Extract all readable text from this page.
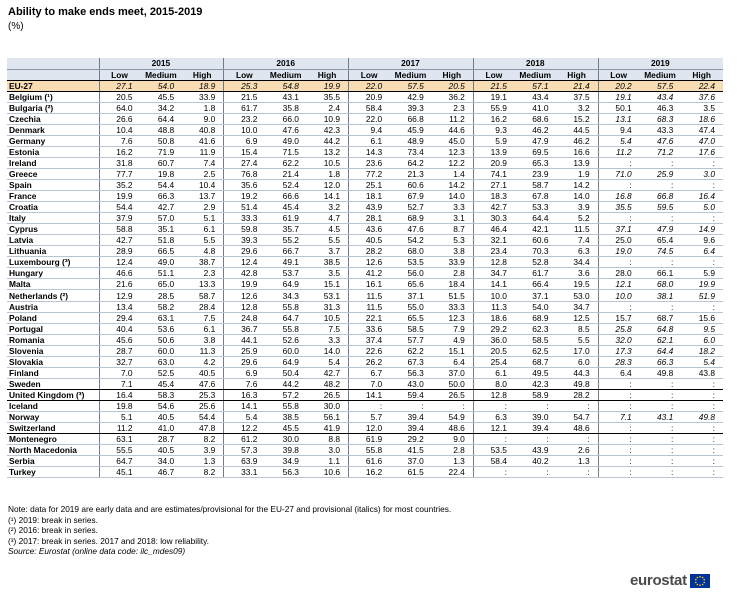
Ability to make ends meet, 2015-2019
(%)
	2015			2016			2017			2018			2019		
	Low	Medium	High	Low	Medium	High	Low	Medium	High	Low	Medium	High	Low	Medium	High
EU-27	27.1	54.0	18.9	25.3	54.8	19.9	22.0	57.5	20.5	21.5	57.1	21.4	20.2	57.5	22.4
Belgium (¹)	20.5	45.5	33.9	21.5	43.1	35.5	20.9	42.9	36.2	19.1	43.4	37.5	19.1	43.4	37.6
Bulgaria (²)	64.0	34.2	1.8	61.7	35.8	2.4	58.4	39.3	2.3	55.9	41.0	3.2	50.1	46.3	3.5
Czechia	26.6	64.4	9.0	23.2	66.0	10.9	22.0	66.8	11.2	16.2	68.6	15.2	13.1	68.3	18.6
Denmark	10.4	48.8	40.8	10.0	47.6	42.3	9.4	45.9	44.6	9.3	46.2	44.5	9.4	43.3	47.4
Germany	7.6	50.8	41.6	6.9	49.0	44.2	6.1	48.9	45.0	5.9	47.9	46.2	5.4	47.6	47.0
Estonia	16.2	71.9	11.9	15.4	71.5	13.2	14.3	73.4	12.3	13.9	69.5	16.6	11.2	71.2	17.6
Ireland	31.8	60.7	7.4	27.4	62.2	10.5	23.6	64.2	12.2	20.9	65.3	13.9	:	:	:
Greece	77.7	19.8	2.5	76.8	21.4	1.8	77.2	21.3	1.4	74.1	23.9	1.9	71.0	25.9	3.0
Spain	35.2	54.4	10.4	35.6	52.4	12.0	25.1	60.6	14.2	27.1	58.7	14.2	:	:	:
France	19.9	66.3	13.7	19.2	66.6	14.1	18.1	67.9	14.0	18.3	67.8	14.0	16.8	66.8	16.4
Croatia	54.4	42.7	2.9	51.4	45.4	3.2	43.9	52.7	3.3	42.7	53.3	3.9	35.5	59.5	5.0
Italy	37.9	57.0	5.1	33.3	61.9	4.7	28.1	68.9	3.1	30.3	64.4	5.2	:	:	:
Cyprus	58.8	35.1	6.1	59.8	35.7	4.5	43.6	47.6	8.7	46.4	42.1	11.5	37.1	47.9	14.9
Latvia	42.7	51.8	5.5	39.3	55.2	5.5	40.5	54.2	5.3	32.1	60.6	7.4	25.0	65.4	9.6
Lithuania	28.9	66.5	4.8	29.6	66.7	3.7	28.2	68.0	3.8	23.4	70.3	6.3	19.0	74.5	6.4
Luxembourg (³)	12.4	49.0	38.7	12.4	49.1	38.5	12.6	53.5	33.9	12.8	52.8	34.4	:	:	:
Hungary	46.6	51.1	2.3	42.8	53.7	3.5	41.2	56.0	2.8	34.7	61.7	3.6	28.0	66.1	5.9
Malta	21.6	65.0	13.3	19.9	64.9	15.1	16.1	65.6	18.4	14.1	66.4	19.5	12.1	68.0	19.9
Netherlands (²)	12.9	28.5	58.7	12.6	34.3	53.1	11.5	37.1	51.5	10.0	37.1	53.0	10.0	38.1	51.9
Austria	13.4	58.2	28.4	12.8	55.8	31.3	11.5	55.0	33.3	11.3	54.0	34.7	:	:	:
Poland	29.4	63.1	7.5	24.8	64.7	10.5	22.1	65.5	12.3	18.6	68.9	12.5	15.7	68.7	15.6
Portugal	40.4	53.6	6.1	36.7	55.8	7.5	33.6	58.5	7.9	29.2	62.3	8.5	25.8	64.8	9.5
Romania	45.6	50.6	3.8	44.1	52.6	3.3	37.4	57.7	4.9	36.0	58.5	5.5	32.0	62.1	6.0
Slovenia	28.7	60.0	11.3	25.9	60.0	14.0	22.6	62.2	15.1	20.5	62.5	17.0	17.3	64.4	18.2
Slovakia	32.7	63.0	4.2	29.6	64.9	5.4	26.2	67.3	6.4	25.4	68.7	6.0	28.3	66.3	5.4
Finland	7.0	52.5	40.5	6.9	50.4	42.7	6.7	56.3	37.0	6.1	49.5	44.3	6.4	49.8	43.8
Sweden	7.1	45.4	47.6	7.6	44.2	48.2	7.0	43.0	50.0	8.0	42.3	49.8	:	:	:
United Kingdom (³)	16.4	58.3	25.3	16.3	57.2	26.5	14.1	59.4	26.5	12.8	58.9	28.2	:	:	:
Iceland	19.8	54.6	25.6	14.1	55.8	30.0	:	:	:	:	:	:	:	:	:
Norway	5.1	40.5	54.4	5.4	38.5	56.1	5.7	39.4	54.9	6.3	39.0	54.7	7.1	43.1	49.8
Switzerland	11.2	41.0	47.8	12.2	45.5	41.9	12.0	39.4	48.6	12.1	39.4	48.6	:	:	:
Montenegro	63.1	28.7	8.2	61.2	30.0	8.8	61.9	29.2	9.0	:	:	:	:	:	:
North Macedonia	55.5	40.5	3.9	57.3	39.8	3.0	55.8	41.5	2.8	53.5	43.9	2.6	:	:	:
Serbia	64.7	34.0	1.3	63.9	34.9	1.1	61.6	37.0	1.3	58.4	40.2	1.3	:	:	:
Turkey	45.1	46.7	8.2	33.1	56.3	10.6	16.2	61.5	22.4	:	:	:	:	:	:
Note: data for 2019 are early data and are estimates/provisional for the EU-27 and provisional (italics) for most countries.
(¹) 2019: break in series.
(²) 2016: break in series.
(³) 2017: break in series. 2017 and 2018: low reliability.
Source: Eurostat (online data code: ilc_mdes09)
eurostat
